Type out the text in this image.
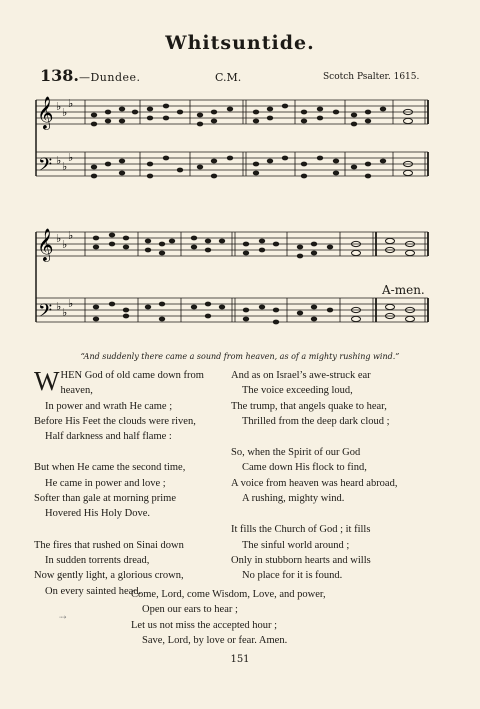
Whitsuntide.
138.—Dundee.	C.M.	Scotch Psalter. 1615.
𝄞
𝄢
♭ ♭
♭
♭ ♭
♭
𝄞
𝄢
♭ ♭
♭
♭ ♭
♭
A-men.
“And suddenly there came a sound from heaven, as of a mighty rushing wind.”
W HEN God of old came down from
heaven,
In power and wrath He came ;
Before His Feet the clouds were riven,
Half darkness and half flame :
But when He came the second time,
He came in power and love ;
Softer than gale at morning prime
Hovered His Holy Dove.
The fires that rushed on Sinai down
In sudden torrents dread,
Now gently light, a glorious crown,
On every sainted head.
And as on Israel’s awe-struck ear
The voice exceeding loud,
The trump, that angels quake to hear,
Thrilled from the deep dark cloud ;
So, when the Spirit of our God
Came down His flock to find,
A voice from heaven was heard abroad,
A rushing, mighty wind.
It fills the Church of God ; it fills
The sinful world around ;
Only in stubborn hearts and wills
No place for it is found.
Come, Lord, come Wisdom, Love, and power,
Open our ears to hear ;
Let us not miss the accepted hour ;
Save, Lord, by love or fear. Amen.
⇢
151
